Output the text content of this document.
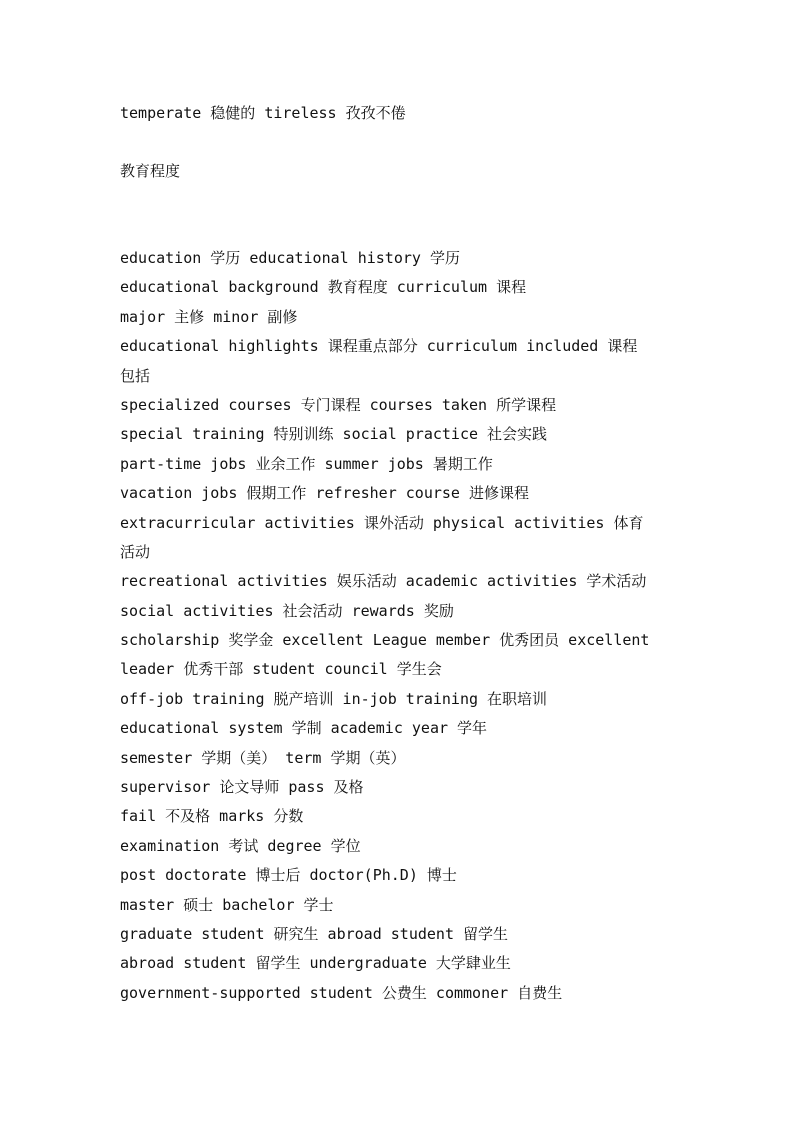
temperate 稳健的 tireless 孜孜不倦
教育程度
education 学历 educational history 学历
educational background 教育程度 curriculum 课程
major 主修 minor 副修
educational highlights 课程重点部分 curriculum included 课程
包括
specialized courses 专门课程 courses taken 所学课程
special training 特别训练 social practice 社会实践
part-time jobs 业余工作 summer jobs 暑期工作
vacation jobs 假期工作 refresher course 进修课程
extracurricular activities 课外活动 physical activities 体育
活动
recreational activities 娱乐活动 academic activities 学术活动
social activities 社会活动 rewards 奖励
scholarship 奖学金 excellent League member 优秀团员 excellent
leader 优秀干部 student council 学生会
off-job training 脱产培训 in-job training 在职培训
educational system 学制 academic year 学年
semester 学期（美） term 学期（英）
supervisor 论文导师 pass 及格
fail 不及格 marks 分数
examination 考试 degree 学位
post doctorate 博士后 doctor(Ph.D) 博士
master 硕士 bachelor 学士
graduate student 研究生 abroad student 留学生
abroad student 留学生 undergraduate 大学肆业生
government-supported student 公费生 commoner 自费生
